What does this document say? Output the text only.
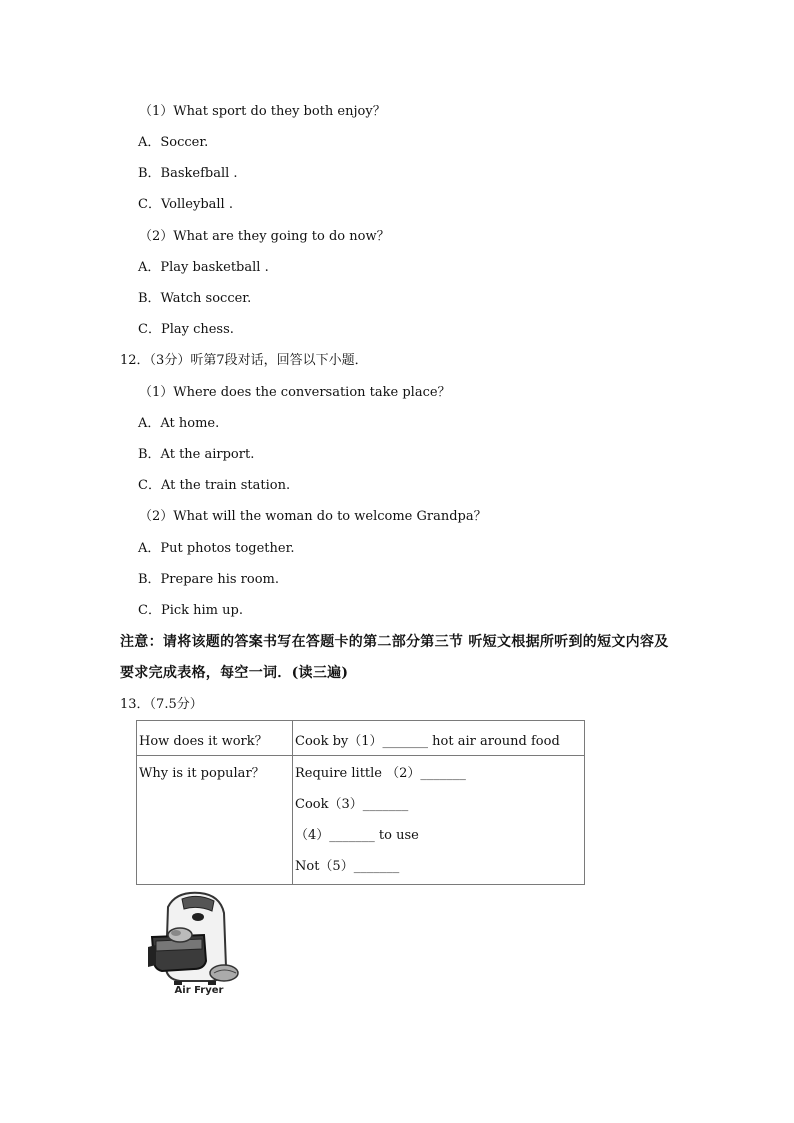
（1）What sport do they both enjoy？
A．Soccer.
B．Baskefball .
C．Volleyball .
（2）What are they going to do now？
A．Play basketball .
B．Watch soccer.
C．Play chess.
12．（3分）听第7段对话，回答以下小题．
（1）Where does the conversation take place？
A．At home.
B．At the airport.
C．At the train station.
（2）What will the woman do to welcome Grandpa？
A．Put photos together.
B．Prepare his room.
C．Pick him up.
注意：请将该题的答案书写在答题卡的第二部分第三节 听短文根据所听到的短文内容及
要求完成表格，每空一词．(读三遍)
13．（7.5分）
How does it work？	Cook by（1）_______ hot air around food

Why is it popular？	Require little （2）_______
Cook（3）_______
（4）_______ to use
Not（5）_______
Air Fryer
